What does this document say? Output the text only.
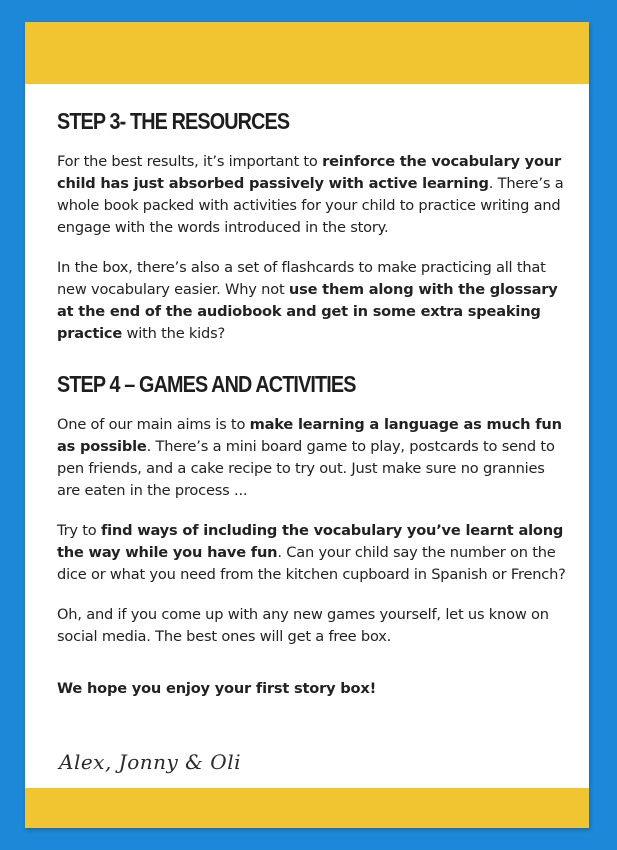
STEP 3- THE RESOURCES

For the best results, it’s important to reinforce the vocabulary your child has just absorbed passively with active learning. There’s a whole book packed with activities for your child to practice writing and engage with the words introduced in the story.

In the box, there’s also a set of flashcards to make practicing all that new vocabulary easier. Why not use them along with the glossary at the end of the audiobook and get in some extra speaking practice with the kids?

STEP 4 – GAMES AND ACTIVITIES

One of our main aims is to make learning a language as much fun as possible. There’s a mini board game to play, postcards to send to pen friends, and a cake recipe to try out. Just make sure no grannies are eaten in the process ...

Try to find ways of including the vocabulary you’ve learnt along the way while you have fun. Can your child say the number on the dice or what you need from the kitchen cupboard in Spanish or French?

Oh, and if you come up with any new games yourself, let us know on social media. The best ones will get a free box.

We hope you enjoy your first story box!

Alex, Jonny & Oli
